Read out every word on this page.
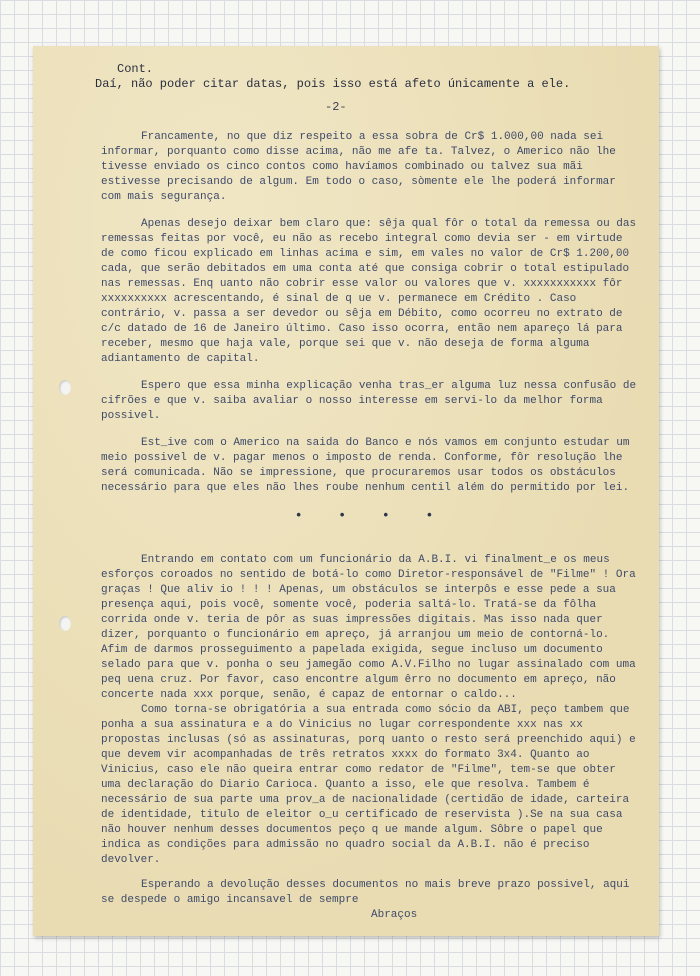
Cont.
Daí, não poder citar datas, pois isso está afeto únicamente a ele.
-2-

Francamente, no que diz respeito a essa sobra de Cr$ 1.000,00 nada sei informar, porquanto como disse acima, não me afe ta. Talvez, o Americo não lhe tivesse enviado os cinco contos como havíamos combinado ou talvez sua mãi estivesse precisando de algum. Em todo o caso, sòmente ele lhe poderá informar com mais segurança.

Apenas desejo deixar bem claro que: sêja qual fôr o total da remessa ou das remessas feitas por você, eu não as recebo integral como devia ser - em virtude de como ficou explicado em linhas acima e sim, em vales no valor de Cr$ 1.200,00 cada, que serão debitados em uma conta até que consiga cobrir o total estipulado nas remessas. Enq uanto não cobrir esse valor ou valores que v. xxxxxxxxxxx fôr xxxxxxxxxx acrescentando, é sinal de q ue v. permanece em Crédito . Caso contrário, v. passa a ser devedor ou sêja em Débito, como ocorreu no extrato de c/c datado de 16 de Janeiro último. Caso isso ocorra, então nem apareço lá para receber, mesmo que haja vale, porque sei que v. não deseja de forma alguma adiantamento de capital.

Espero que essa minha explicação venha tras_er alguma luz nessa confusão de cifrões e que v. saiba avaliar o nosso interesse em servi-lo da melhor forma possivel.

Est_ive com o Americo na saida do Banco e nós vamos em conjunto estudar um meio possivel de v. pagar menos o imposto de renda. Conforme, fôr resolução lhe será comunicada. Não se impressione, que procuraremos usar todos os obstáculos necessário para que eles não lhes roube nenhum centil além do permitido por lei.

• • • •

Entrando em contato com um funcionário da A.B.I. vi finalment_e os meus esforços coroados no sentido de botá-lo como Diretor-responsável de "Filme" ! Ora graças ! Que aliv io ! ! ! Apenas, um obstáculos se interpôs e esse pede a sua presença aqui, pois você, somente você, poderia saltá-lo. Tratá-se da fôlha corrida onde v. teria de pôr as suas impressões digitais. Mas isso nada quer dizer, porquanto o funcionário em apreço, já arranjou um meio de contorná-lo. Afim de darmos prosseguimento a papelada exigida, segue incluso um documento selado para que v. ponha o seu jamegão como A.V.Filho no lugar assinalado com uma peq uena cruz. Por favor, caso encontre algum êrro no documento em apreço, não concerte nada xxx porque, senão, é capaz de entornar o caldo...

Como torna-se obrigatória a sua entrada como sócio da ABI, peço tambem que ponha a sua assinatura e a do Vinicius no lugar correspondente xxx nas xx propostas inclusas (só as assinaturas, porq uanto o resto será preenchido aqui) e que devem vir acompanhadas de três retratos xxxx do formato 3x4. Quanto ao Vinicius, caso ele não queira entrar como redator de "Filme", tem-se que obter uma declaração do Diario Carioca. Quanto a isso, ele que resolva. Tambem é necessário de sua parte uma prov_a de nacionalidade (certidão de idade, carteira de identidade, titulo de eleitor o_u certificado de reservista ).Se na sua casa não houver nenhum desses documentos peço q ue mande algum. Sôbre o papel que indica as condições para admissão no quadro social da A.B.I. não é preciso devolver.

Esperando a devolução desses documentos no mais breve prazo possivel, aqui se despede o amigo incansavel de sempre

Abraços
